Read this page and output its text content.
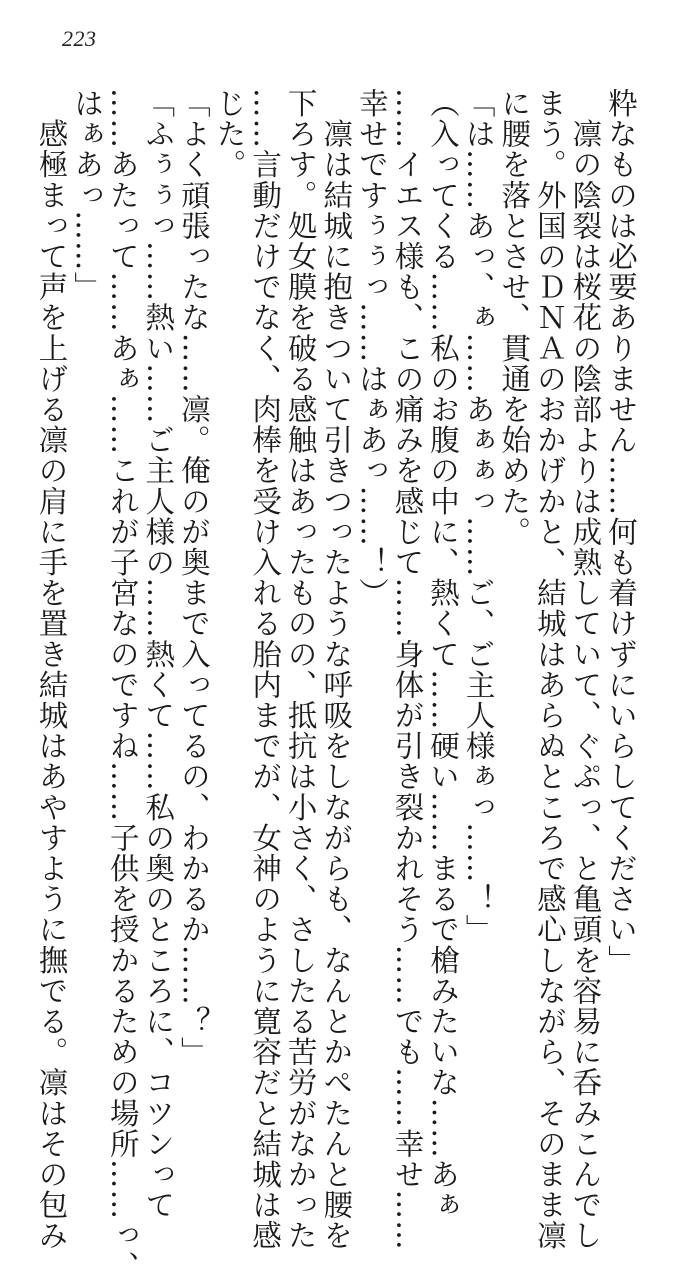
223

粋なものは必要ありません……何も着けずにいらしてください」

　凛の陰裂は桜花の陰部よりは成熟していて、ぐぷっ、と亀頭を容易に呑みこんでし

まう。外国のＤＮＡのおかげかと、結城はあらぬところで感心しながら、そのまま凛

に腰を落とさせ、貫通を始めた。

「は……あっ、ぁ……あぁぁっ……ご、ご主人様ぁっ……！」

（入ってくる……私のお腹の中に、熱くて……硬い……まるで槍みたいな……あぁ

……イエス様も、この痛みを感じて……身体が引き裂かれそう……でも……幸せ……

幸せですぅぅっ……はぁあっ……！）

　凛は結城に抱きついて引きつったような呼吸をしながらも、なんとかぺたんと腰を

下ろす。処女膜を破る感触はあったものの、抵抗は小さく、さしたる苦労がなかった

……言動だけでなく、肉棒を受け入れる胎内までが、女神のように寛容だと結城は感

じた。

「よく頑張ったな……凛。俺のが奥まで入ってるの、わかるか……？」

「ふぅぅっ……熱い……ご主人様の……熱くて……私の奥のところに、コツンって

……あたって……あぁ……これが子宮なのですね……子供を授かるための場所……っ、

はぁあっ……」

　感極まって声を上げる凛の肩に手を置き結城はあやすように撫でる。凛はその包み
